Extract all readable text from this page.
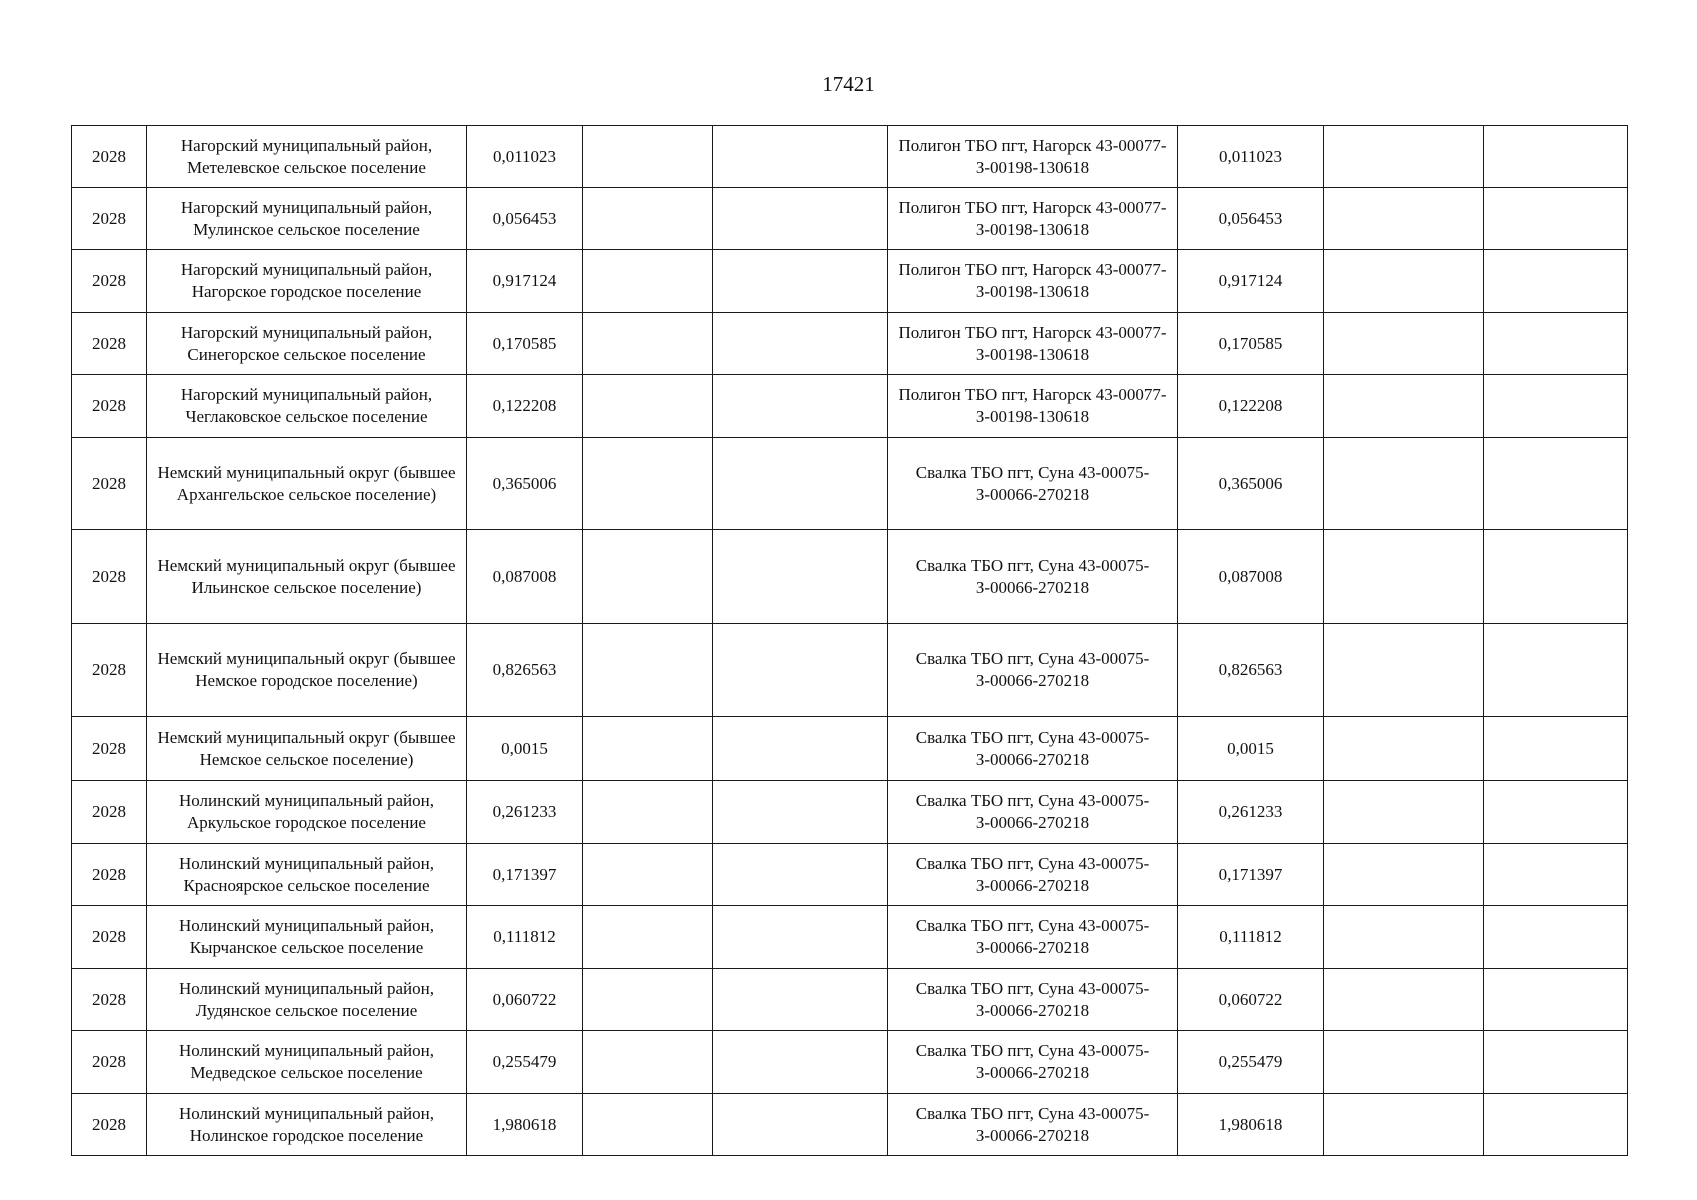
17421
2028	Нагорский муниципальный район, Метелевское сельское поселение	0,011023			Полигон ТБО пгт, Нагорск 43-00077-З-00198-130618	0,011023		
2028	Нагорский муниципальный район, Мулинское сельское поселение	0,056453			Полигон ТБО пгт, Нагорск 43-00077-З-00198-130618	0,056453		
2028	Нагорский муниципальный район, Нагорское городское поселение	0,917124			Полигон ТБО пгт, Нагорск 43-00077-З-00198-130618	0,917124		
2028	Нагорский муниципальный район, Синегорское сельское поселение	0,170585			Полигон ТБО пгт, Нагорск 43-00077-З-00198-130618	0,170585		
2028	Нагорский муниципальный район, Чеглаковское сельское поселение	0,122208			Полигон ТБО пгт, Нагорск 43-00077-З-00198-130618	0,122208		
2028	Немский муниципальный округ (бывшее Архангельское сельское поселение)	0,365006			Свалка ТБО пгт, Суна 43-00075-З-00066-270218	0,365006		
2028	Немский муниципальный округ (бывшее Ильинское сельское поселение)	0,087008			Свалка ТБО пгт, Суна 43-00075-З-00066-270218	0,087008		
2028	Немский муниципальный округ (бывшее Немское городское поселение)	0,826563			Свалка ТБО пгт, Суна 43-00075-З-00066-270218	0,826563		
2028	Немский муниципальный округ (бывшее Немское сельское поселение)	0,0015			Свалка ТБО пгт, Суна 43-00075-З-00066-270218	0,0015		
2028	Нолинский муниципальный район, Аркульское городское поселение	0,261233			Свалка ТБО пгт, Суна 43-00075-З-00066-270218	0,261233		
2028	Нолинский муниципальный район, Красноярское сельское поселение	0,171397			Свалка ТБО пгт, Суна 43-00075-З-00066-270218	0,171397		
2028	Нолинский муниципальный район, Кырчанское сельское поселение	0,111812			Свалка ТБО пгт, Суна 43-00075-З-00066-270218	0,111812		
2028	Нолинский муниципальный район, Лудянское сельское поселение	0,060722			Свалка ТБО пгт, Суна 43-00075-З-00066-270218	0,060722		
2028	Нолинский муниципальный район, Медведское сельское поселение	0,255479			Свалка ТБО пгт, Суна 43-00075-З-00066-270218	0,255479		
2028	Нолинский муниципальный район, Нолинское городское поселение	1,980618			Свалка ТБО пгт, Суна 43-00075-З-00066-270218	1,980618		
